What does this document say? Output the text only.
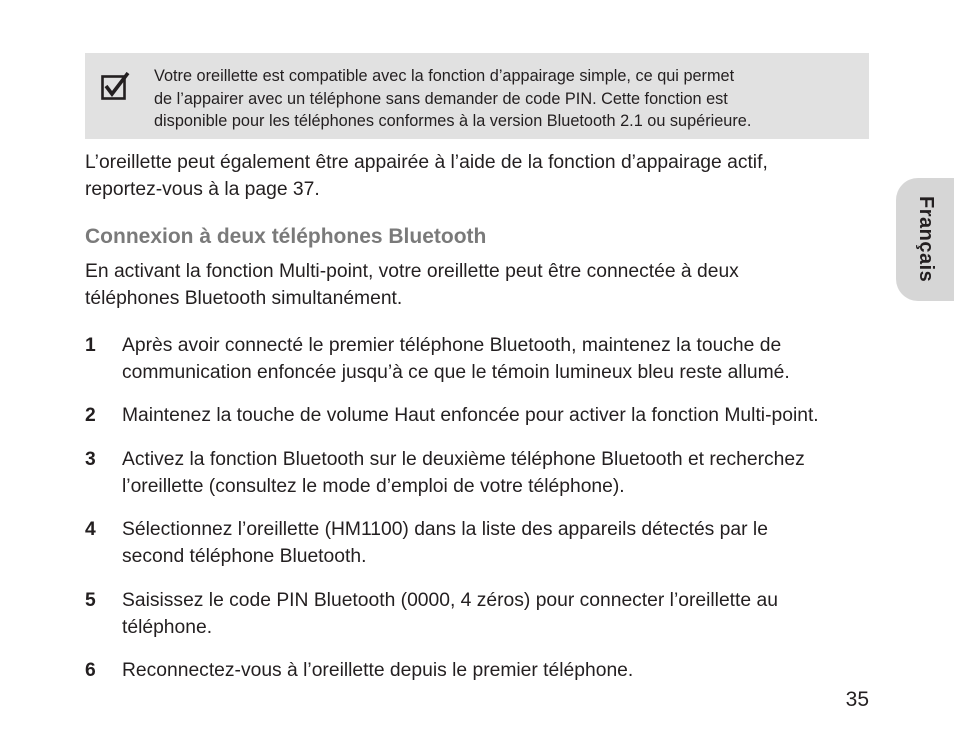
Votre oreillette est compatible avec la fonction d’appairage simple, ce qui permet
de l’appairer avec un téléphone sans demander de code PIN. Cette fonction est
disponible pour les téléphones conformes à la version Bluetooth 2.1 ou supérieure.
L’oreillette peut également être appairée à l’aide de la fonction d’appairage actif,
reportez-vous à la page 37.
Connexion à deux téléphones Bluetooth
En activant la fonction Multi-point, votre oreillette peut être connectée à deux
téléphones Bluetooth simultanément.
1 Après avoir connecté le premier téléphone Bluetooth, maintenez la touche de
communication enfoncée jusqu’à ce que le témoin lumineux bleu reste allumé.
2 Maintenez la touche de volume Haut enfoncée pour activer la fonction Multi-point.
3 Activez la fonction Bluetooth sur le deuxième téléphone Bluetooth et recherchez
l’oreillette (consultez le mode d’emploi de votre téléphone).
4 Sélectionnez l’oreillette (HM1100) dans la liste des appareils détectés par le
second téléphone Bluetooth.
5 Saisissez le code PIN Bluetooth (0000, 4 zéros) pour connecter l’oreillette au
téléphone.
6 Reconnectez-vous à l’oreillette depuis le premier téléphone.
Français
35
